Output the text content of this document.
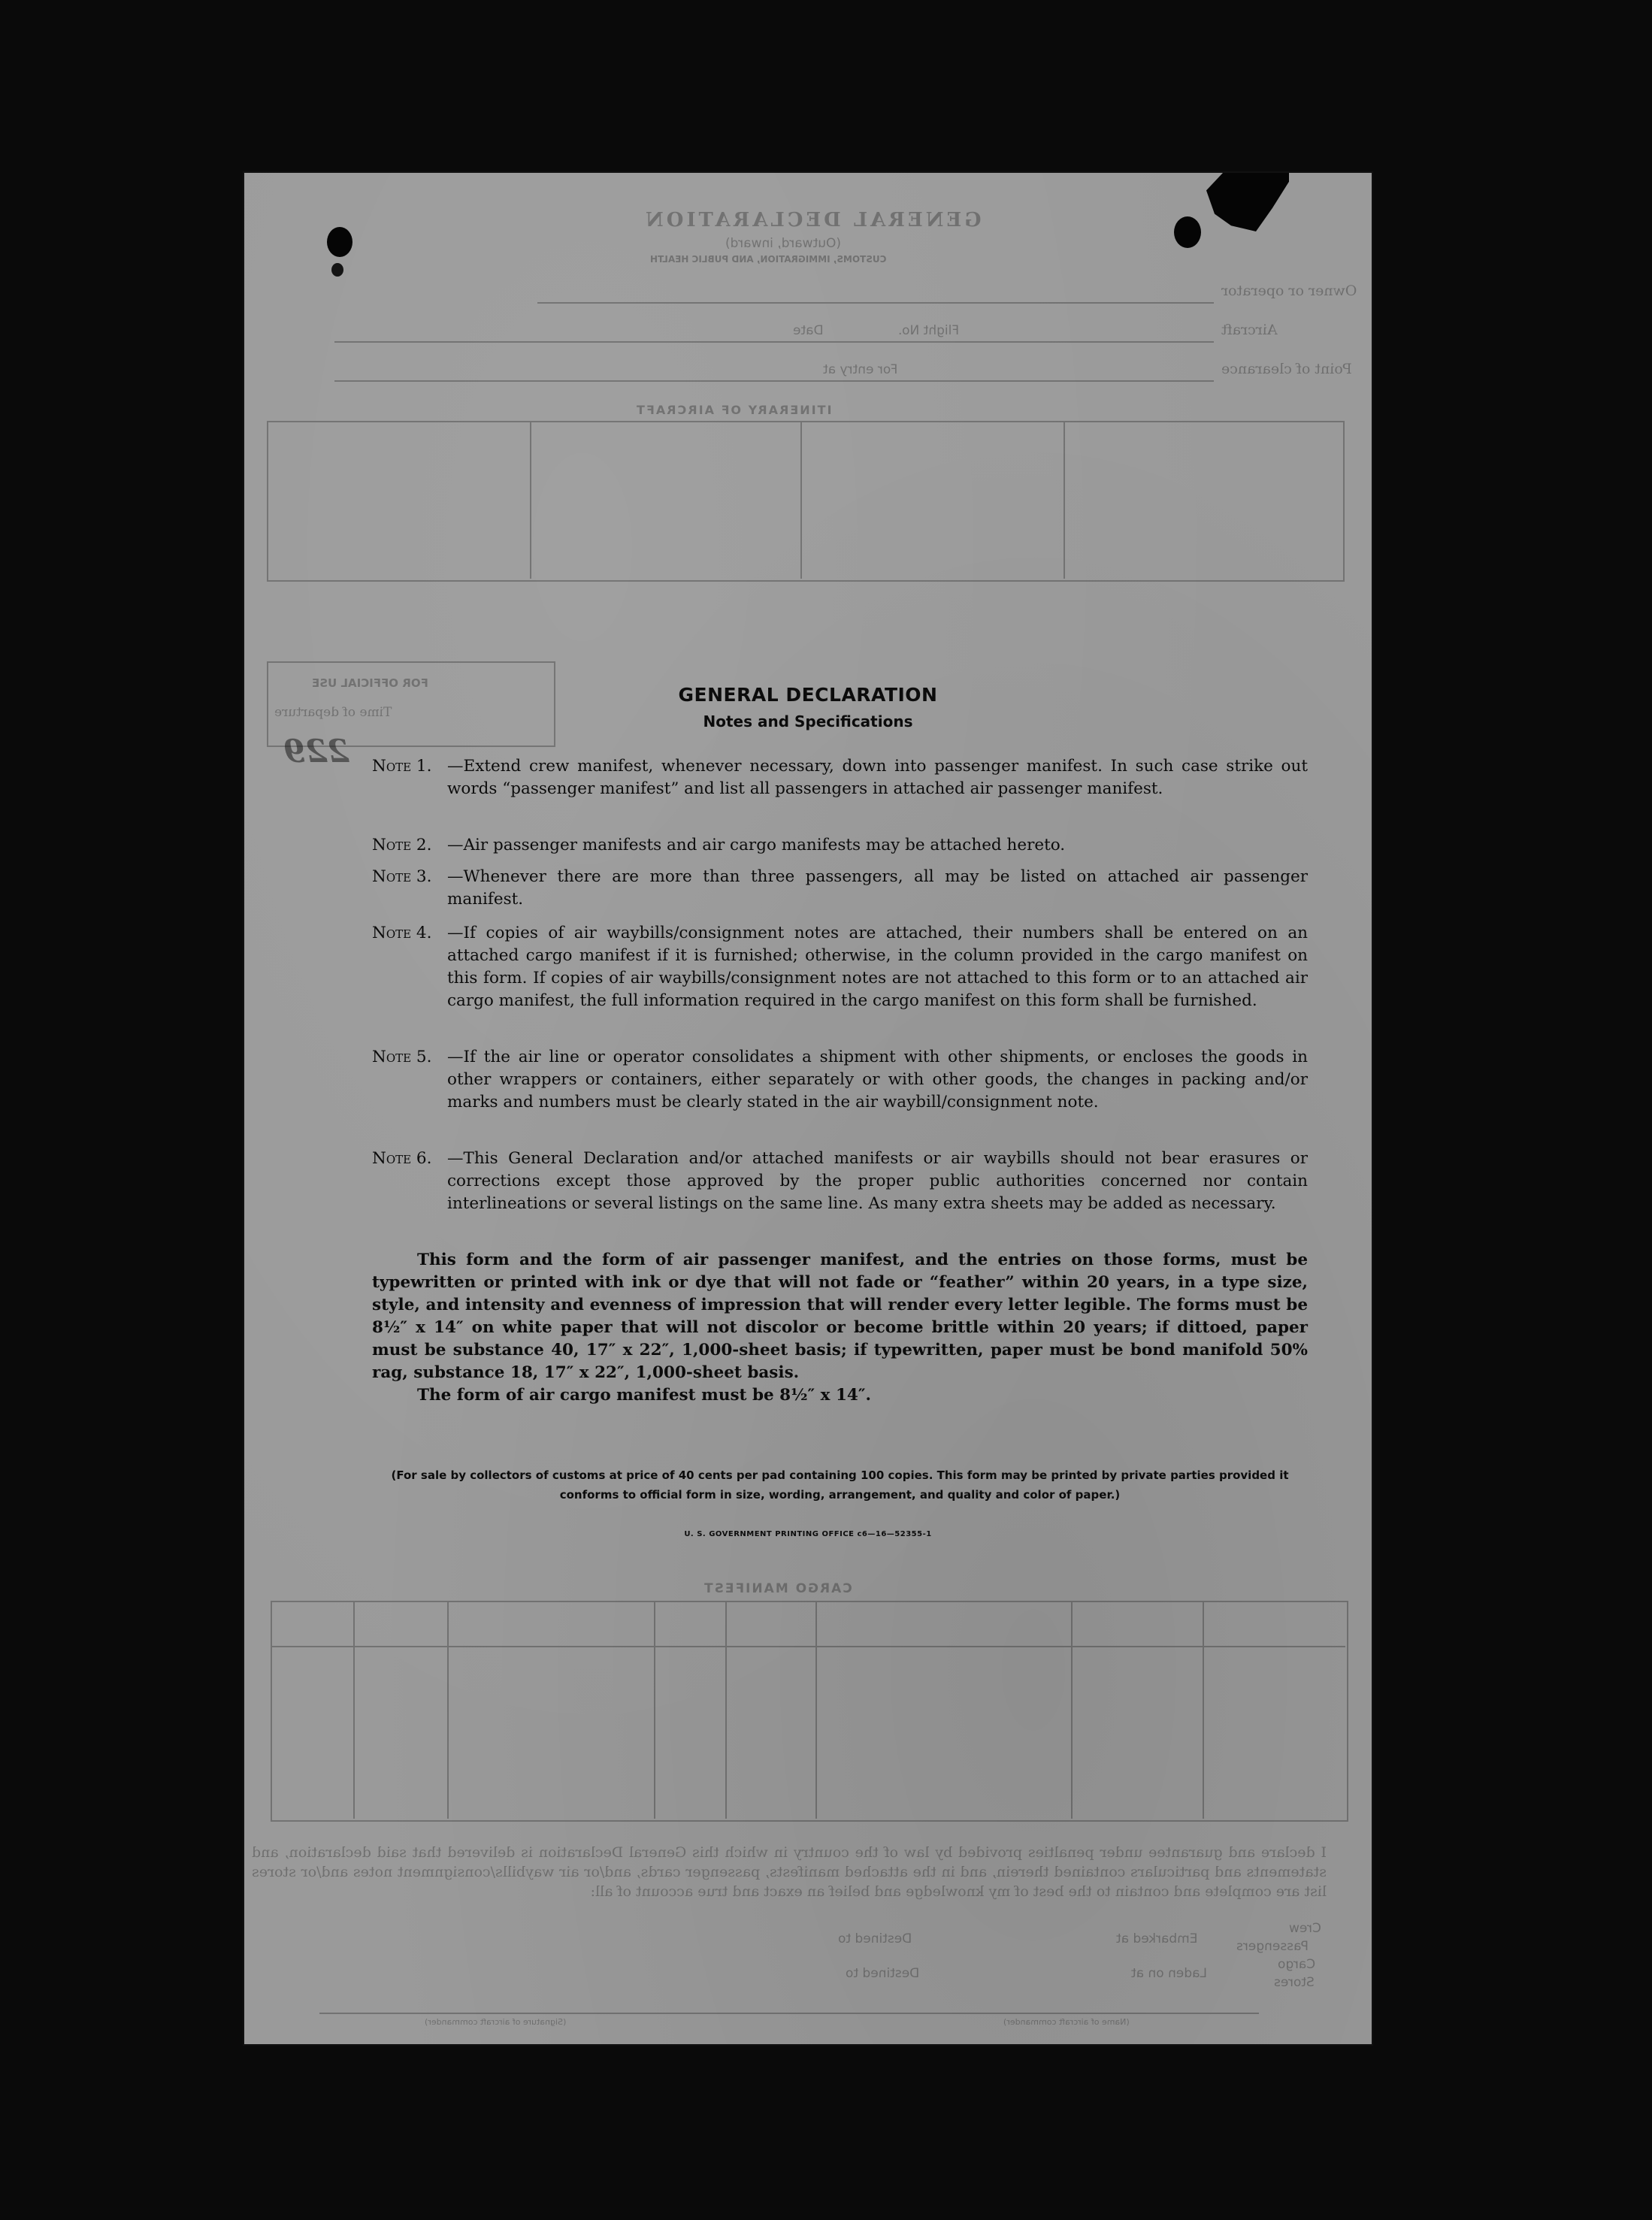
GENERAL DECLARATION
(Outward, inward)
CUSTOMS, IMMIGRATION, AND PUBLIC HEALTH
Owner or operator
Aircraft
Flight No.
Date
Point of clearance
For entry at
ITINERARY OF AIRCRAFT
FOR OFFICIAL USE
Time of departure
CARGO MANIFEST
I declare and guarantee under penalties provided by law of the country in which this General Declaration is delivered that said declaration, and statements and particulars contained therein, and in the attached manifests, passenger cards, and/or air waybills/consignment notes and/or stores list are complete and contain to the best of my knowledge and belief an exact and true account of all:
Crew
Passengers
Cargo
Stores
Embarked at
Laden on at
Destined to
Destined to
(Signature of aircraft commander)	(Name of aircraft commander)
229
GENERAL DECLARATION
Notes and Specifications
Note 1. —Extend crew manifest, whenever necessary, down into passenger manifest. In such case strike out words “passenger manifest” and list all passengers in attached air passenger manifest.
Note 2. —Air passenger manifests and air cargo manifests may be attached hereto.
Note 3. —Whenever there are more than three passengers, all may be listed on attached air passenger manifest.
Note 4. —If copies of air waybills/consignment notes are attached, their numbers shall be entered on an attached cargo manifest if it is furnished; otherwise, in the column provided in the cargo manifest on this form. If copies of air waybills/consignment notes are not attached to this form or to an attached air cargo manifest, the full information required in the cargo manifest on this form shall be furnished.
Note 5. —If the air line or operator consolidates a shipment with other shipments, or encloses the goods in other wrappers or containers, either separately or with other goods, the changes in packing and/or marks and numbers must be clearly stated in the air waybill/consignment note.
Note 6. —This General Declaration and/or attached manifests or air waybills should not bear erasures or corrections except those approved by the proper public authorities concerned nor contain interlineations or several listings on the same line. As many extra sheets may be added as necessary.
This form and the form of air passenger manifest, and the entries on those forms, must be typewritten or printed with ink or dye that will not fade or “feather” within 20 years, in a type size, style, and intensity and evenness of impression that will render every letter legible. The forms must be 8½″ x 14″ on white paper that will not discolor or become brittle within 20 years; if dittoed, paper must be substance 40, 17″ x 22″, 1,000-sheet basis; if typewritten, paper must be bond manifold 50% rag, substance 18, 17″ x 22″, 1,000-sheet basis.
The form of air cargo manifest must be 8½″ x 14″.
(For sale by collectors of customs at price of 40 cents per pad containing 100 copies. This form may be printed by private parties provided it conforms to official form in size, wording, arrangement, and quality and color of paper.)
U. S. GOVERNMENT PRINTING OFFICE c6—16—52355-1
